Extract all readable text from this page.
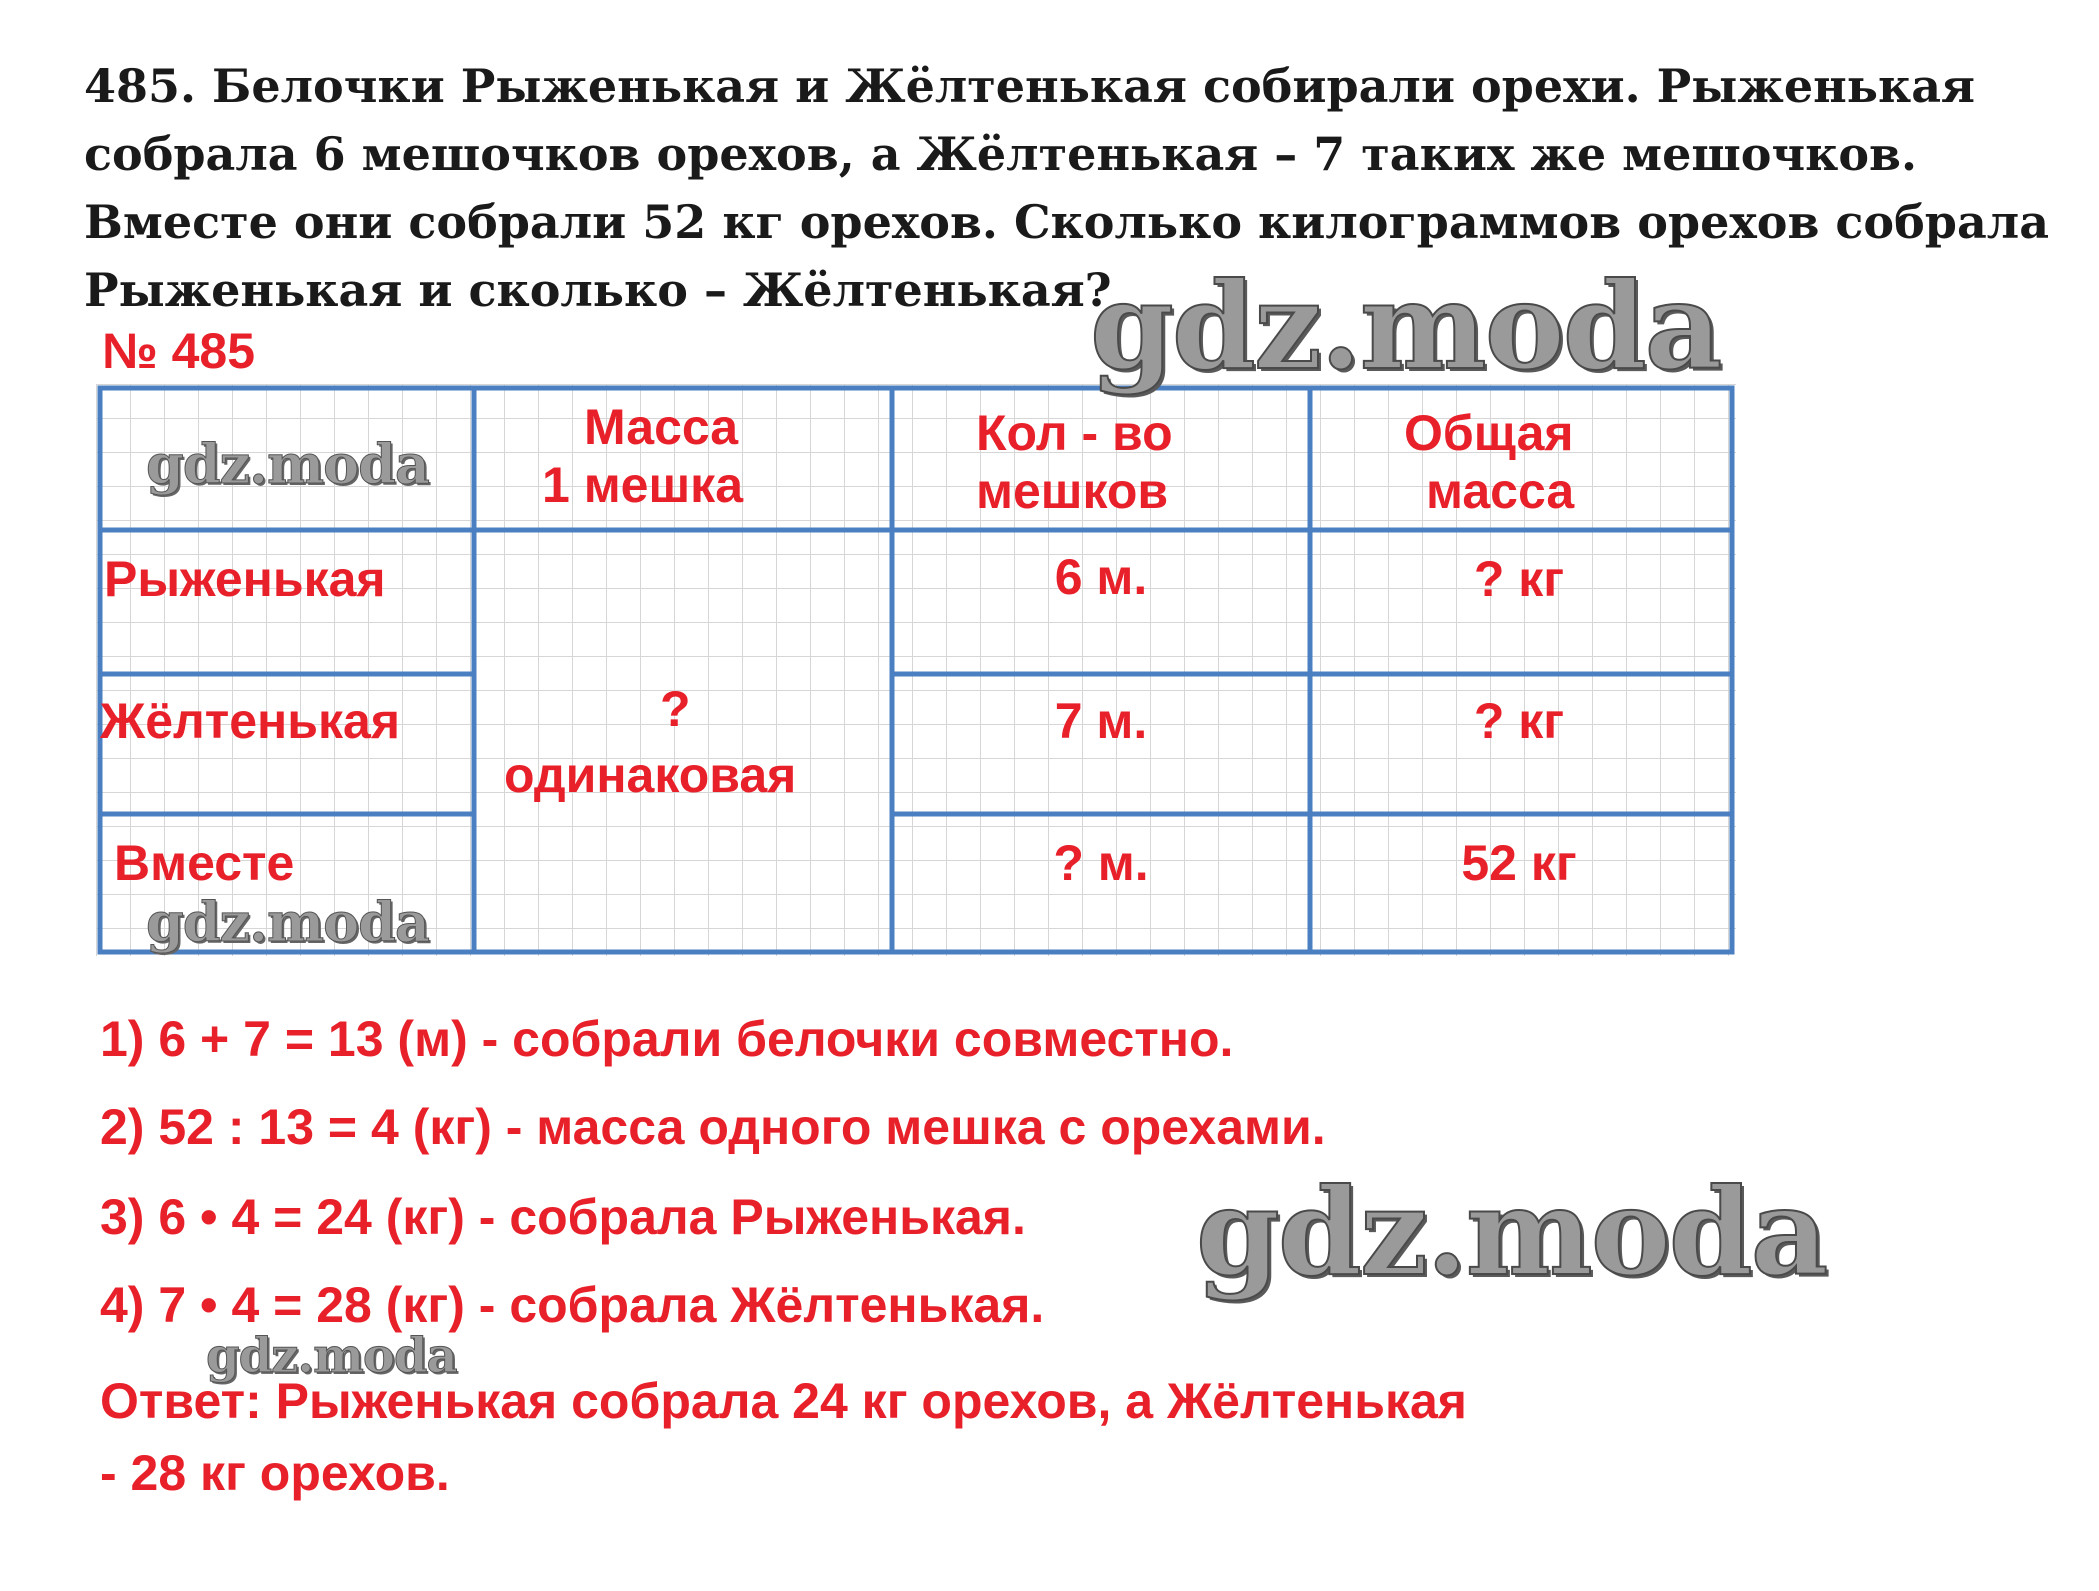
485. Белочки Рыженькая и Жёлтенькая собирали орехи. Рыженькая
собрала 6 мешочков орехов, а Жёлтенькая – 7 таких же мешочков.
Вместе они собрали 52 кг орехов. Сколько килограммов орехов собрала
Рыженькая и сколько – Жёлтенькая?
№ 485
Масса
1 мешка
Кол - во
мешков
Общая
масса
Рыженькая
Жёлтенькая
Вместе
?
одинаковая
6 м.
7 м.
? м.
? кг
? кг
52 кг
1) 6 + 7 = 13 (м) - собрали белочки совместно.
2) 52 : 13 = 4 (кг) - масса одного мешка с орехами.
3) 6 • 4 = 24 (кг) - собрала Рыженькая.
4) 7 • 4 = 28 (кг) - собрала Жёлтенькая.
Ответ: Рыженькая собрала 24 кг орехов, а Жёлтенькая
- 28 кг орехов.
gdz.moda
gdz.moda
gdz.moda
gdz.moda
gdz.moda
